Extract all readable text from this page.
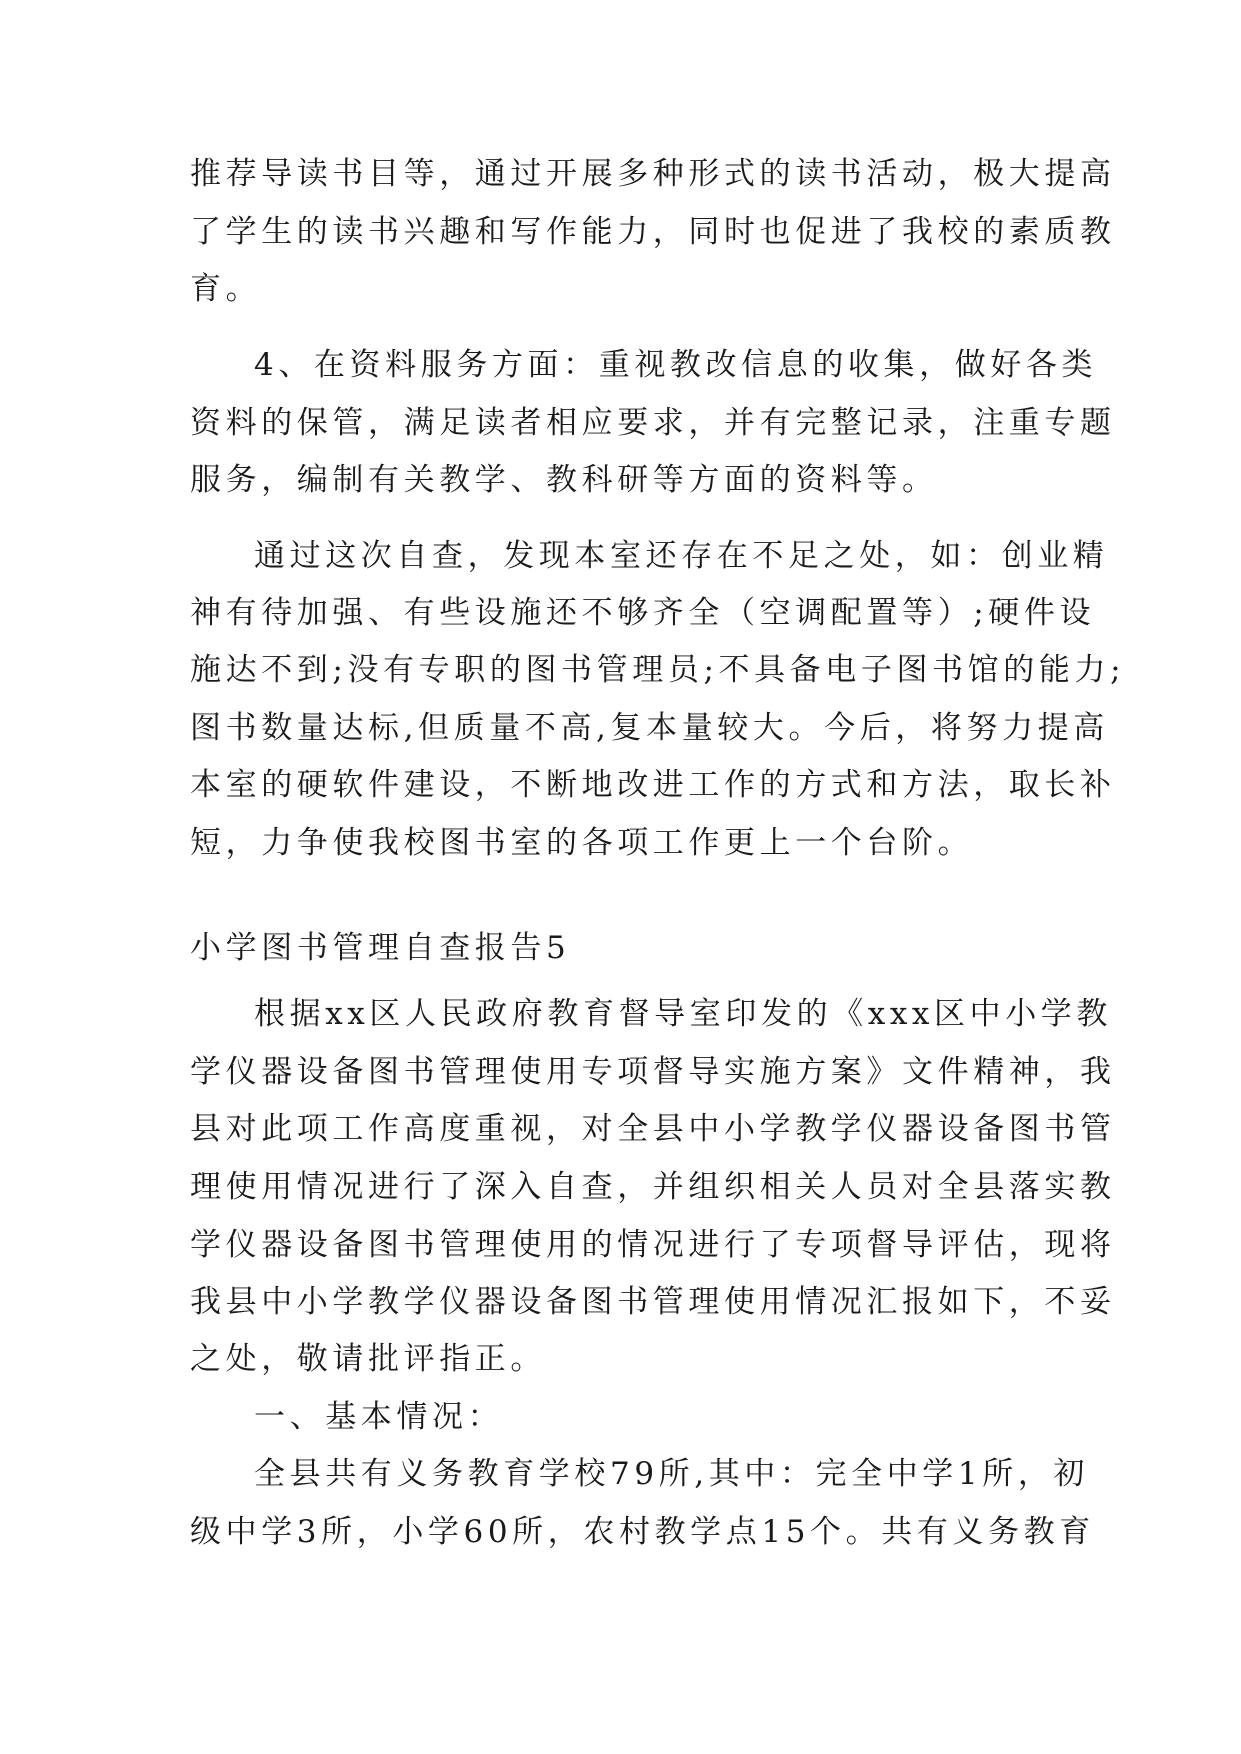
推荐导读书目等，通过开展多种形式的读书活动，极大提高
了学生的读书兴趣和写作能力，同时也促进了我校的素质教
育。
4、在资料服务方面：重视教改信息的收集，做好各类
资料的保管，满足读者相应要求，并有完整记录，注重专题
服务，编制有关教学、教科研等方面的资料等。
通过这次自查，发现本室还存在不足之处，如：创业精
神有待加强、有些设施还不够齐全（空调配置等）;硬件设
施达不到;没有专职的图书管理员;不具备电子图书馆的能力;
图书数量达标,但质量不高,复本量较大。今后，将努力提高
本室的硬软件建设，不断地改进工作的方式和方法，取长补
短，力争使我校图书室的各项工作更上一个台阶。
小学图书管理自查报告5
根据xx区人民政府教育督导室印发的《xxx区中小学教
学仪器设备图书管理使用专项督导实施方案》文件精神，我
县对此项工作高度重视，对全县中小学教学仪器设备图书管
理使用情况进行了深入自查，并组织相关人员对全县落实教
学仪器设备图书管理使用的情况进行了专项督导评估，现将
我县中小学教学仪器设备图书管理使用情况汇报如下，不妥
之处，敬请批评指正。
一、基本情况：
全县共有义务教育学校79所,其中：完全中学1所，初
级中学3所，小学60所，农村教学点15个。共有义务教育
